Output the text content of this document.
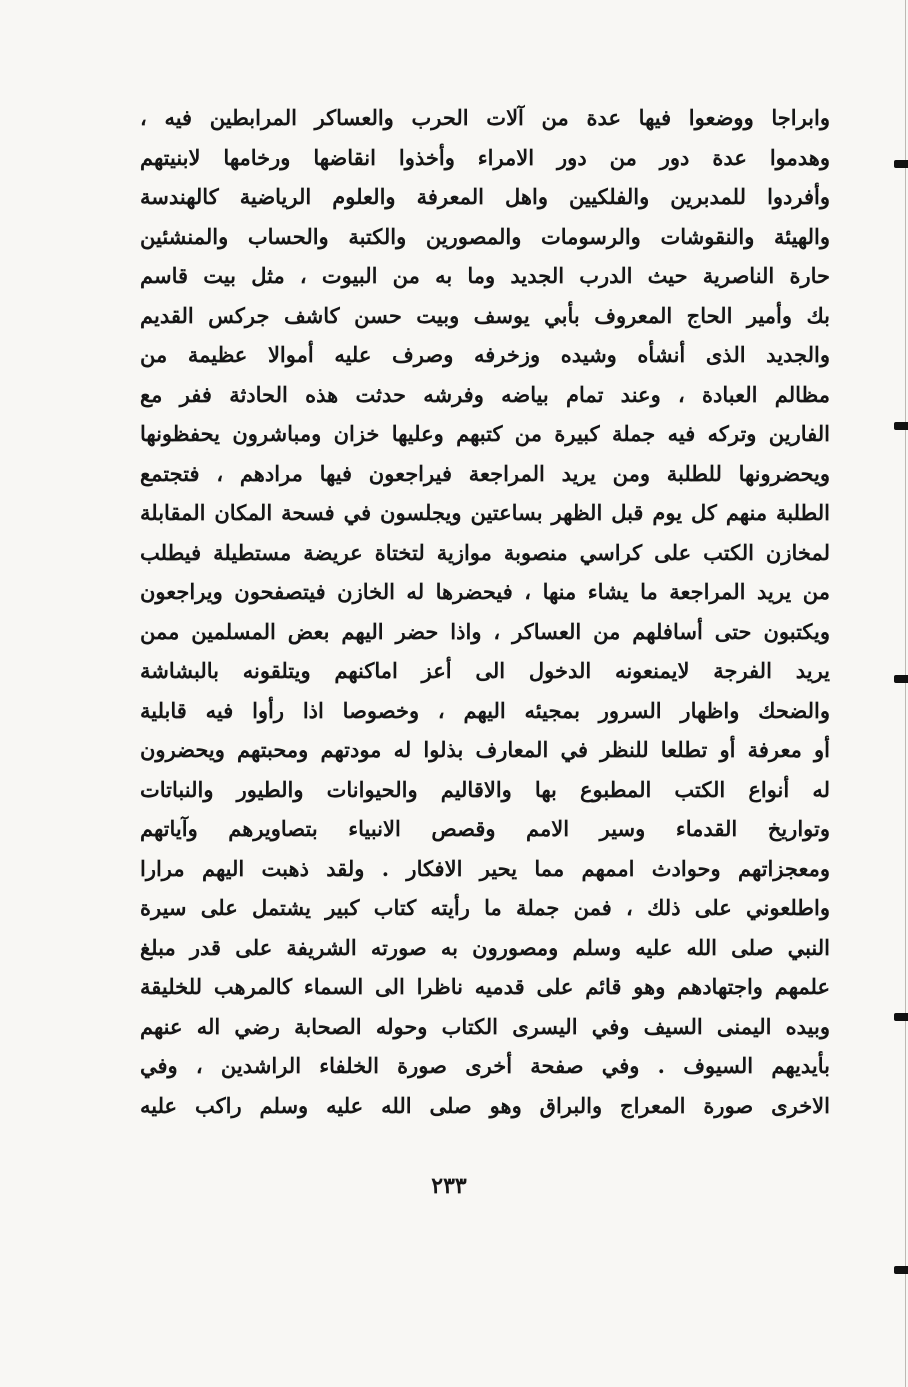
وابراجا ووضعوا فيها عدة من آلات الحرب والعساكر المرابطين فيه ،
وهدموا عدة دور من دور الامراء وأخذوا انقاضها ورخامها لابنيتهم
وأفردوا للمدبرين والفلكيين واهل المعرفة والعلوم الرياضية كالهندسة
والهيئة والنقوشات والرسومات والمصورين والكتبة والحساب والمنشئين
حارة الناصرية حيث الدرب الجديد وما به من البيوت ، مثل بيت قاسم
بك وأمير الحاج المعروف بأبي يوسف وبيت حسن كاشف جركس القديم
والجديد الذى أنشأه وشيده وزخرفه وصرف عليه أموالا عظيمة من
مظالم العبادة ، وعند تمام بياضه وفرشه حدثت هذه الحادثة ففر مع
الفارين وتركه فيه جملة كبيرة من كتبهم وعليها خزان ومباشرون يحفظونها
ويحضرونها للطلبة ومن يريد المراجعة فيراجعون فيها مرادهم ، فتجتمع
الطلبة منهم كل يوم قبل الظهر بساعتين ويجلسون في فسحة المكان المقابلة
لمخازن الكتب على كراسي منصوبة موازية لتختاة عريضة مستطيلة فيطلب
من يريد المراجعة ما يشاء منها ، فيحضرها له الخازن فيتصفحون ويراجعون
ويكتبون حتى أسافلهم من العساكر ، واذا حضر اليهم بعض المسلمين ممن
يريد الفرجة لايمنعونه الدخول الى أعز اماكنهم ويتلقونه بالبشاشة
والضحك واظهار السرور بمجيئه اليهم ، وخصوصا اذا رأوا فيه قابلية
أو معرفة أو تطلعا للنظر في المعارف بذلوا له مودتهم ومحبتهم ويحضرون
له أنواع الكتب المطبوع بها والاقاليم والحيوانات والطيور والنباتات
وتواريخ القدماء وسير الامم وقصص الانبياء بتصاويرهم وآياتهم
ومعجزاتهم وحوادث اممهم مما يحير الافكار . ولقد ذهبت اليهم مرارا
واطلعوني على ذلك ، فمن جملة ما رأيته كتاب كبير يشتمل على سيرة
النبي صلى الله عليه وسلم ومصورون به صورته الشريفة على قدر مبلغ
علمهم واجتهادهم وهو قائم على قدميه ناظرا الى السماء كالمرهب للخليقة
وبيده اليمنى السيف وفي اليسرى الكتاب وحوله الصحابة رضي اله عنهم
بأيديهم السيوف . وفي صفحة أخرى صورة الخلفاء الراشدين ، وفي
الاخرى صورة المعراج والبراق وهو صلى الله عليه وسلم راكب عليه
٢٣٣
